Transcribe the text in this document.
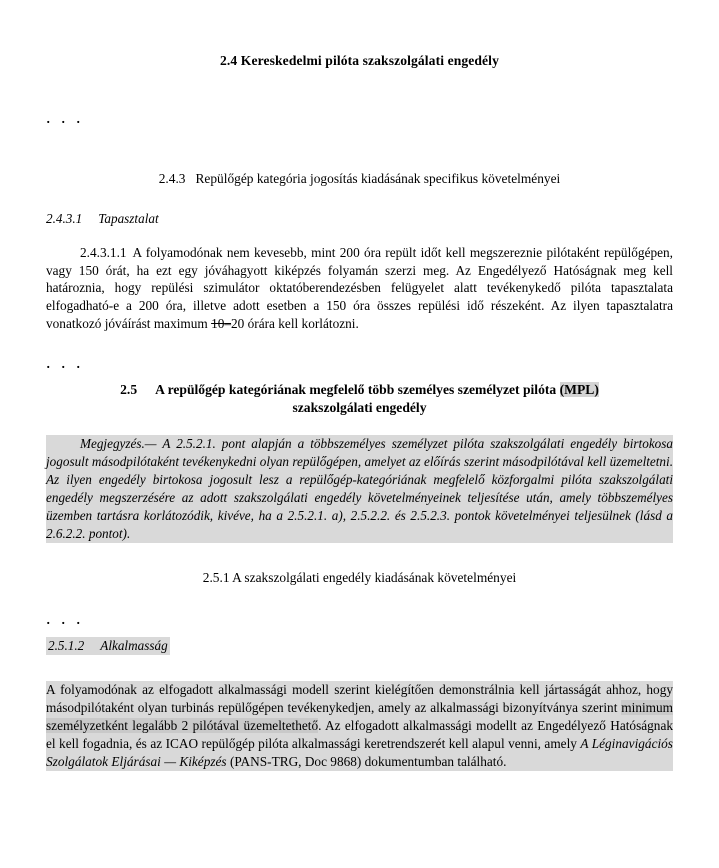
2.4 Kereskedelmi pilóta szakszolgálati engedély
. . .
2.4.3 Repülőgép kategória jogosítás kiadásának specifikus követelményei
2.4.3.1 Tapasztalat

2.4.3.1.1 A folyamodónak nem kevesebb, mint 200 óra repült időt kell megszereznie pilótaként repülőgépen, vagy 150 órát, ha ezt egy jóváhagyott kiképzés folyamán szerzi meg. Az Engedélyező Hatóságnak meg kell határoznia, hogy repülési szimulátor oktatóberendezésben felügyelet alatt tevékenykedő pilóta tapasztalata elfogadható-e a 200 óra, illetve adott esetben a 150 óra összes repülési idő részeként. Az ilyen tapasztalatra vonatkozó jóváírást maximum 10–20 órára kell korlátozni.

. . .
2.5 A repülőgép kategóriának megfelelő több személyes személyzet pilóta (MPL)
szakszolgálati engedély

Megjegyzés.— A 2.5.2.1. pont alapján a többszemélyes személyzet pilóta szakszolgálati engedély birtokosa jogosult másodpilótaként tevékenykedni olyan repülőgépen, amelyet az előírás szerint másodpilótával kell üzemeltetni. Az ilyen engedély birtokosa jogosult lesz a repülőgép-kategóriának megfelelő közforgalmi pilóta szakszolgálati engedély megszerzésére az adott szakszolgálati engedély követelményeinek teljesítése után, amely többszemélyes üzemben tartásra korlátozódik, kivéve, ha a 2.5.2.1. a), 2.5.2.2. és 2.5.2.3. pontok követelményei teljesülnek (lásd a 2.6.2.2. pontot).

2.5.1 A szakszolgálati engedély kiadásának követelményei
. . .
2.5.1.2 Alkalmasság

A folyamodónak az elfogadott alkalmassági modell szerint kielégítően demonstrálnia kell jártasságát ahhoz, hogy másodpilótaként olyan turbinás repülőgépen tevékenykedjen, amely az alkalmassági bizonyítványa szerint minimum személyzetként legalább 2 pilótával üzemeltethető. Az elfogadott alkalmassági modellt az Engedélyező Hatóságnak el kell fogadnia, és az ICAO repülőgép pilóta alkalmassági keretrendszerét kell alapul venni, amely A Léginavigációs Szolgálatok Eljárásai — Kiképzés (PANS-TRG, Doc 9868) dokumentumban található.
